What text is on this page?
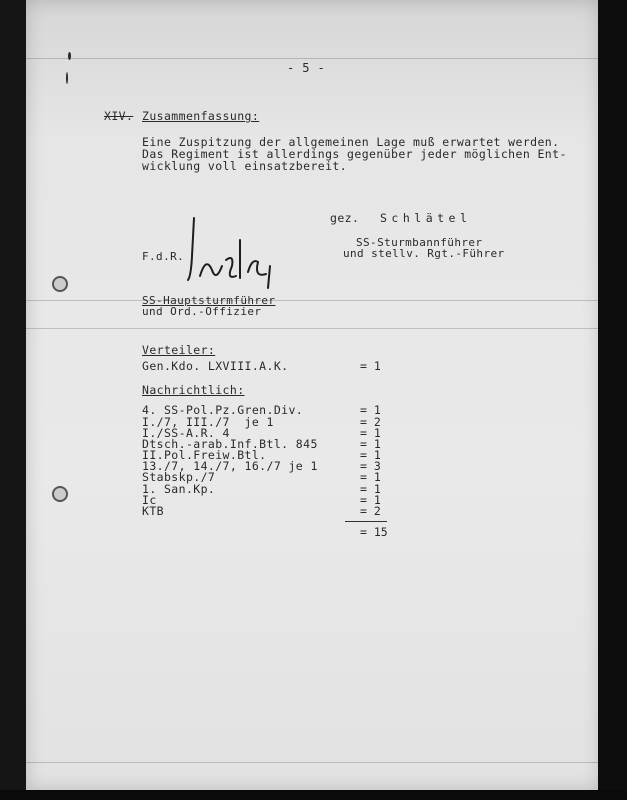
- 5 -
XIV. Zusammenfassung:
Eine Zuspitzung der allgemeinen Lage muß erwartet werden.
Das Regiment ist allerdings gegenüber jeder möglichen Ent-
wicklung voll einsatzbereit.
gez. Schlätel
SS-Sturmbannführer
und stellv. Rgt.-Führer
F.d.R.
SS-Hauptsturmführer
und Ord.-Offizier
Verteiler:
Gen.Kdo. LXVIII.A.K.	= 1
Nachrichtlich:
4. SS-Pol.Pz.Gren.Div.	= 1
I./7, III./7  je 1	= 2
I./SS-A.R. 4	= 1
Dtsch.-arab.Inf.Btl. 845	= 1
II.Pol.Freiw.Btl.	= 1
13./7, 14./7, 16./7 je 1	= 3
Stabskp./7	= 1
1. San.Kp.	= 1
Ic	= 1
KTB	= 2
= 15
